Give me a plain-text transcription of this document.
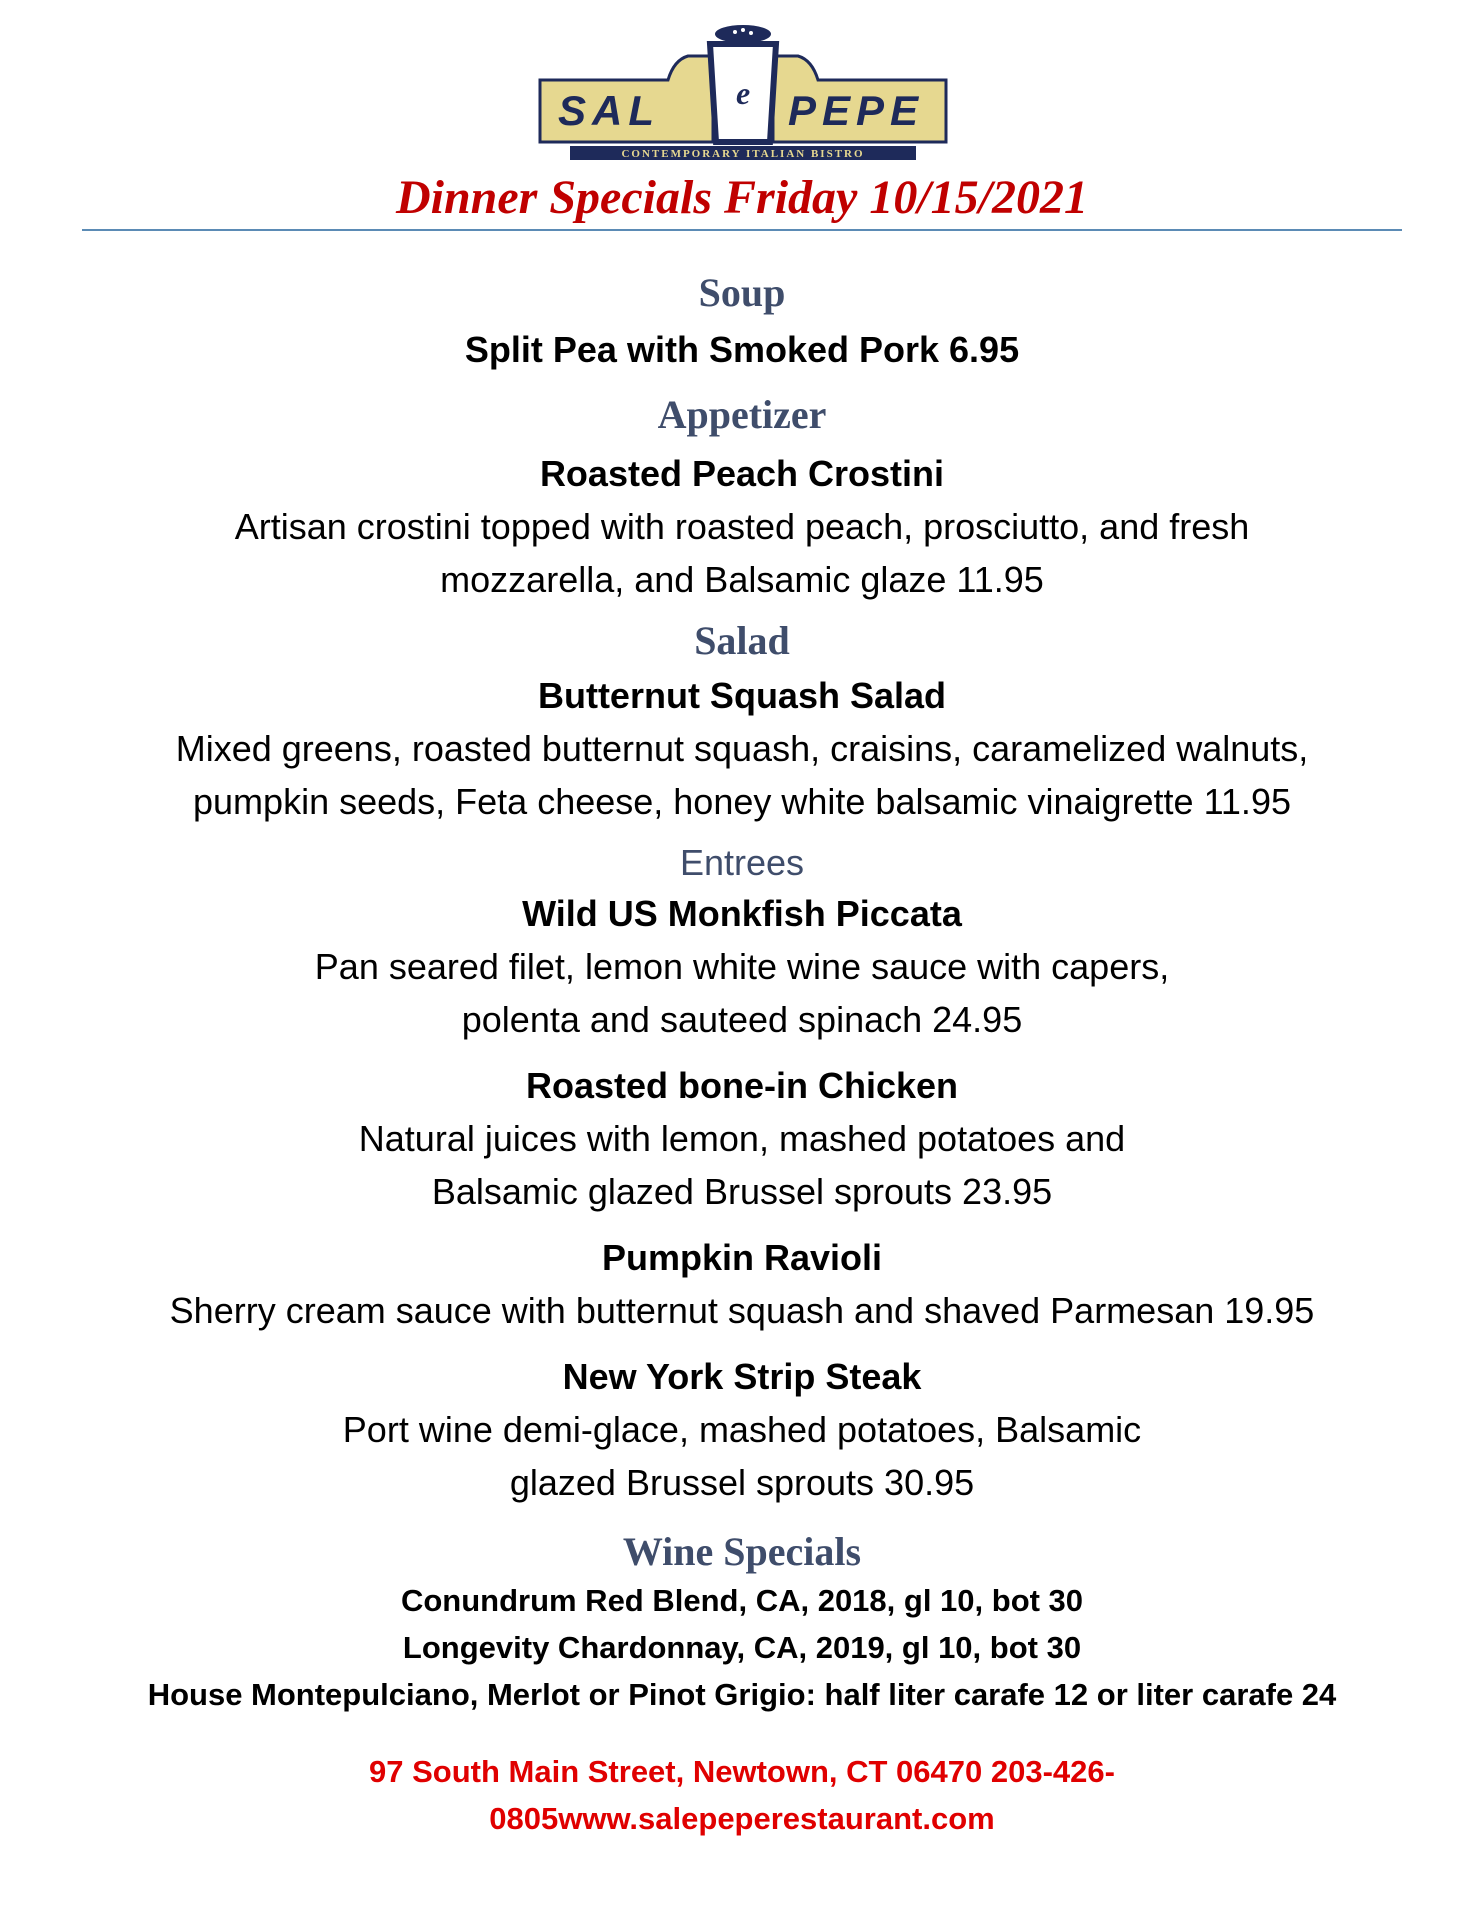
SAL e PEPE
CONTEMPORARY ITALIAN BISTRO
Dinner Specials Friday 10/15/2021

Soup

Split Pea with Smoked Pork 6.95

Appetizer

Roasted Peach Crostini

Artisan crostini topped with roasted peach, prosciutto, and fresh

mozzarella, and Balsamic glaze 11.95

Salad

Butternut Squash Salad

Mixed greens, roasted butternut squash, craisins, caramelized walnuts,

pumpkin seeds, Feta cheese, honey white balsamic vinaigrette 11.95

Entrees

Wild US Monkfish Piccata

Pan seared filet, lemon white wine sauce with capers,

polenta and sauteed spinach 24.95

Roasted bone-in Chicken

Natural juices with lemon, mashed potatoes and

Balsamic glazed Brussel sprouts 23.95

Pumpkin Ravioli

Sherry cream sauce with butternut squash and shaved Parmesan 19.95

New York Strip Steak

Port wine demi-glace, mashed potatoes, Balsamic

glazed Brussel sprouts 30.95

Wine Specials

Conundrum Red Blend, CA, 2018, gl 10, bot 30

Longevity Chardonnay, CA, 2019, gl 10, bot 30

House Montepulciano, Merlot or Pinot Grigio: half liter carafe 12 or liter carafe 24

97 South Main Street, Newtown, CT 06470 203-426-

0805www.salepeperestaurant.com
